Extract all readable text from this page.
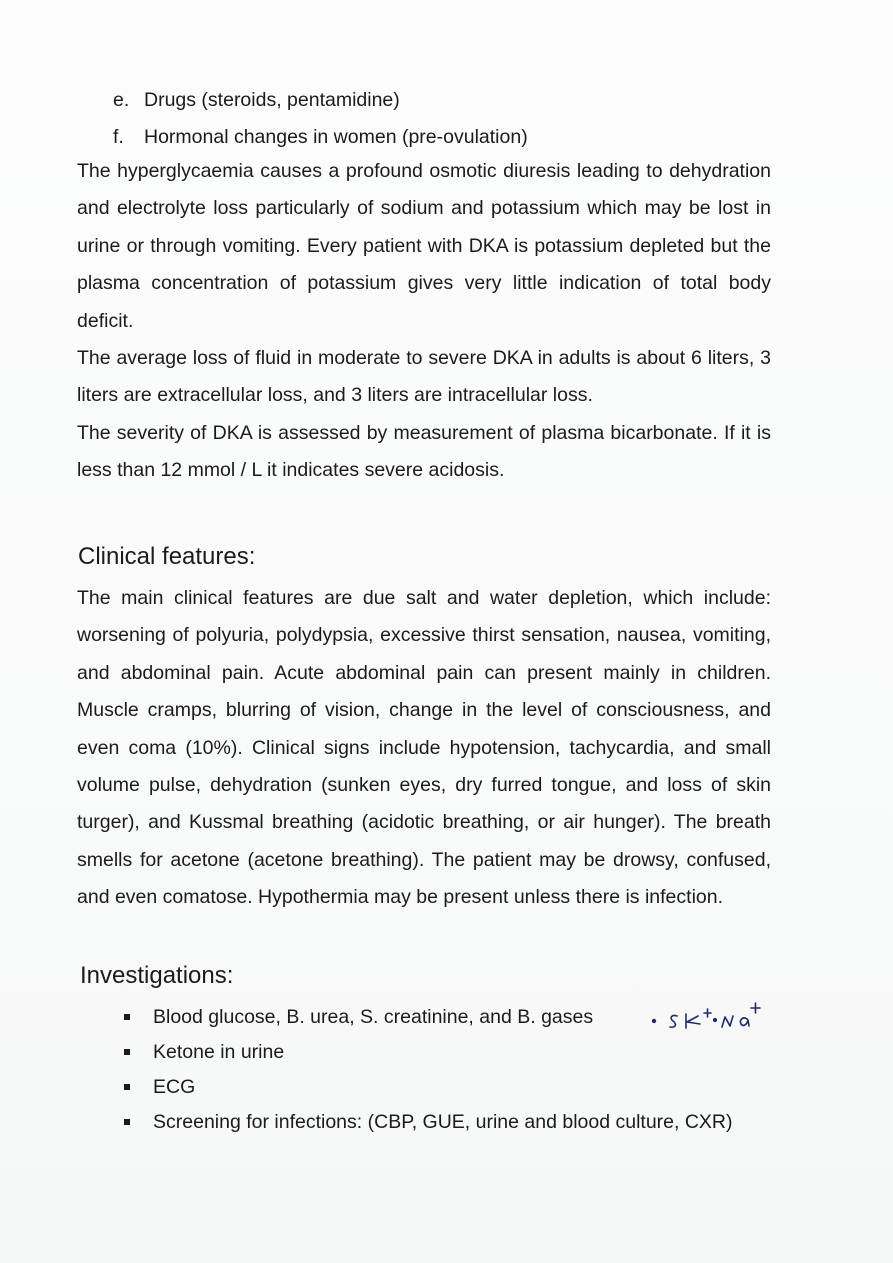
e. Drugs (steroids, pentamidine)
f. Hormonal changes in women (pre-ovulation)

The hyperglycaemia causes a profound osmotic diuresis leading to dehydration and electrolyte loss particularly of sodium and potassium which may be lost in urine or through vomiting. Every patient with DKA is potassium depleted but the plasma concentration of potassium gives very little indication of total body deficit.

The average loss of fluid in moderate to severe DKA in adults is about 6 liters, 3 liters are extracellular loss, and 3 liters are intracellular loss.

The severity of DKA is assessed by measurement of plasma bicarbonate. If it is less than 12 mmol / L it indicates severe acidosis.

Clinical features:

The main clinical features are due salt and water depletion, which include: worsening of polyuria, polydypsia, excessive thirst sensation, nausea, vomiting, and abdominal pain. Acute abdominal pain can present mainly in children. Muscle cramps, blurring of vision, change in the level of consciousness, and even coma (10%). Clinical signs include hypotension, tachycardia, and small volume pulse, dehydration (sunken eyes, dry furred tongue, and loss of skin turger), and Kussmal breathing (acidotic breathing, or air hunger). The breath smells for acetone (acetone breathing). The patient may be drowsy, confused, and even comatose. Hypothermia may be present unless there is infection.

Investigations:
Blood glucose, B. urea, S. creatinine, and B. gases
Ketone in urine
ECG
Screening for infections: (CBP, GUE, urine and blood culture, CXR)
